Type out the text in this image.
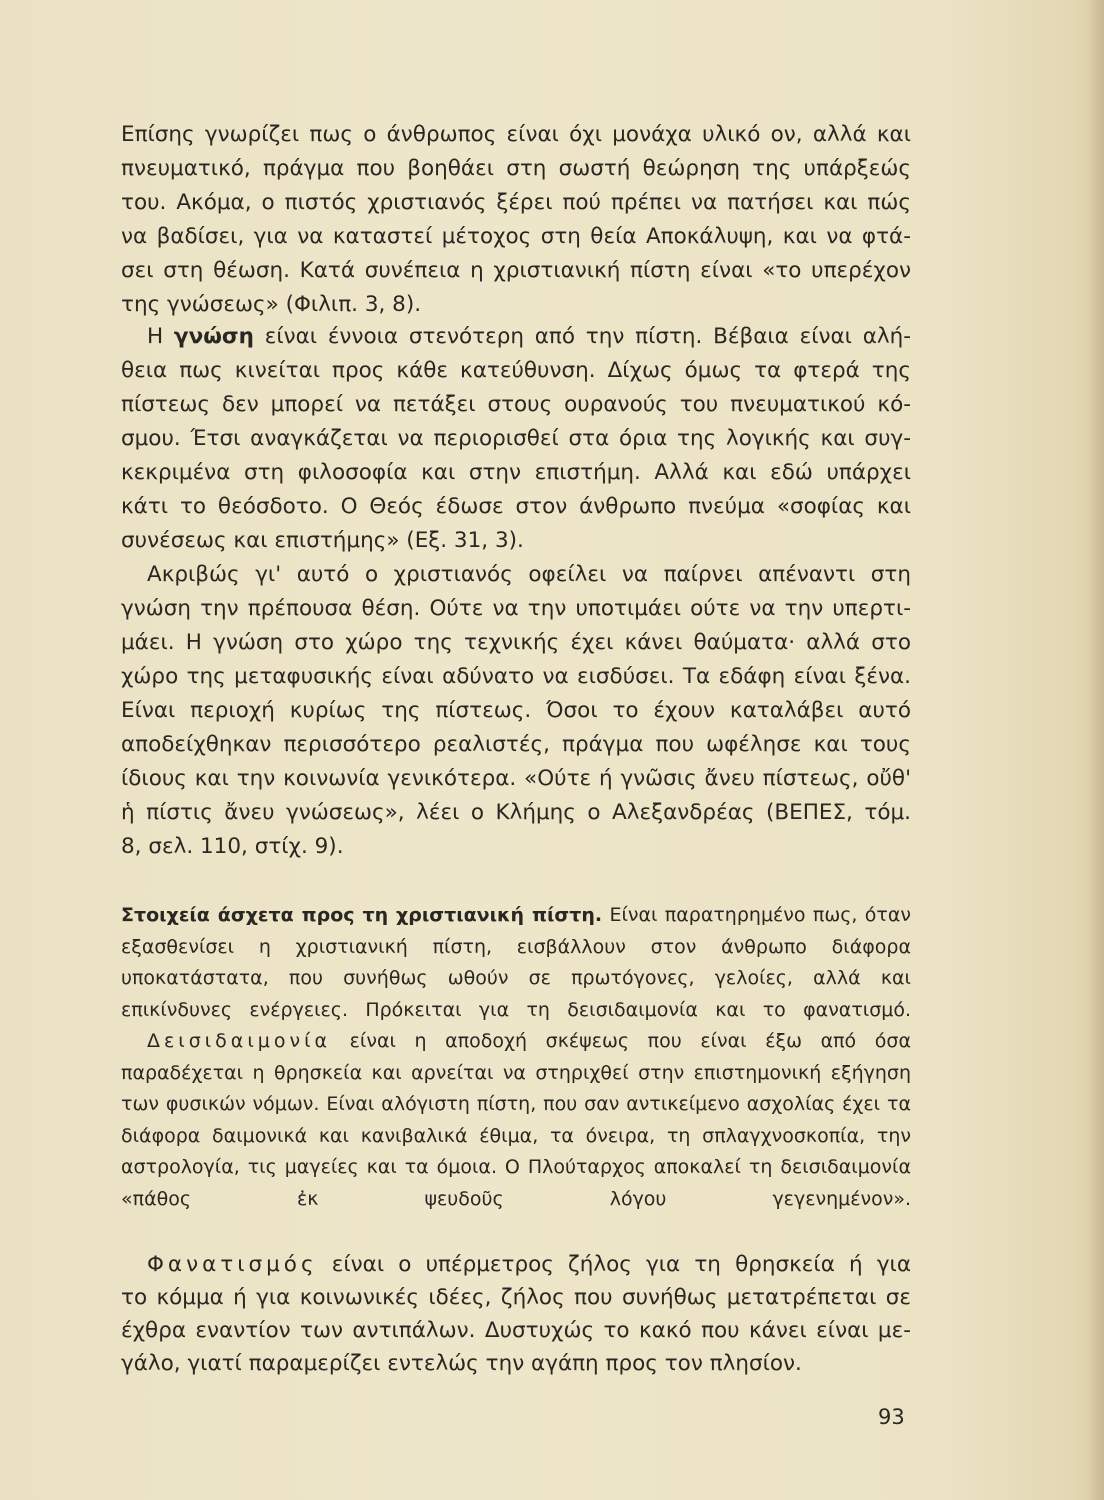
Επίσης γνωρίζει πως ο άνθρωπος είναι όχι μονάχα υλικό ον, αλλά και
πνευματικό, πράγμα που βοηθάει στη σωστή θεώρηση της υπάρξεώς
του. Ακόμα, ο πιστός χριστιανός ξέρει πού πρέπει να πατήσει και πώς
να βαδίσει, για να καταστεί μέτοχος στη θεία Αποκάλυψη, και να φτά-
σει στη θέωση. Κατά συνέπεια η χριστιανική πίστη είναι «το υπερέχον
της γνώσεως» (Φιλιπ. 3, 8).
Η γνώση είναι έννοια στενότερη από την πίστη. Βέβαια είναι αλή-
θεια πως κινείται προς κάθε κατεύθυνση. Δίχως όμως τα φτερά της
πίστεως δεν μπορεί να πετάξει στους ουρανούς του πνευματικού κό-
σμου. Έτσι αναγκάζεται να περιορισθεί στα όρια της λογικής και συγ-
κεκριμένα στη φιλοσοφία και στην επιστήμη. Αλλά και εδώ υπάρχει
κάτι το θεόσδοτο. Ο Θεός έδωσε στον άνθρωπο πνεύμα «σοφίας και
συνέσεως και επιστήμης» (Εξ. 31, 3).
Ακριβώς γι' αυτό ο χριστιανός οφείλει να παίρνει απέναντι στη
γνώση την πρέπουσα θέση. Ούτε να την υποτιμάει ούτε να την υπερτι-
μάει. Η γνώση στο χώρο της τεχνικής έχει κάνει θαύματα· αλλά στο
χώρο της μεταφυσικής είναι αδύνατο να εισδύσει. Τα εδάφη είναι ξένα.
Είναι περιοχή κυρίως της πίστεως. Όσοι το έχουν καταλάβει αυτό
αποδείχθηκαν περισσότερο ρεαλιστές, πράγμα που ωφέλησε και τους
ίδιους και την κοινωνία γενικότερα. «Ούτε ή γνῶσις ἄνευ πίστεως, οὔθ'
ἡ πίστις ἄνευ γνώσεως», λέει ο Κλήμης ο Αλεξανδρέας (ΒΕΠΕΣ, τόμ.
8, σελ. 110, στίχ. 9).
Στοιχεία άσχετα προς τη χριστιανική πίστη. Είναι παρατηρημένο πως, όταν εξασθενίσει η χριστιανική πίστη, εισβάλλουν στον άνθρωπο διάφορα υποκατάστατα, που συνήθως ωθούν σε πρωτόγονες, γελοίες, αλλά και επικίνδυνες ενέργειες. Πρόκειται για τη δεισιδαιμονία και το φανατισμό.
Δεισιδαιμονία είναι η αποδοχή σκέψεως που είναι έξω από όσα παραδέχεται η θρησκεία και αρνείται να στηριχθεί στην επιστημονική εξήγηση των φυσικών νόμων. Είναι αλόγιστη πίστη, που σαν αντικείμενο ασχολίας έχει τα διάφορα δαιμονικά και κανιβαλικά έθιμα, τα όνειρα, τη σπλαγχνοσκοπία, την αστρολογία, τις μαγείες και τα όμοια. Ο Πλούταρχος αποκαλεί τη δεισιδαιμονία «πάθος ἐκ ψευδοῦς λόγου γεγενημένον».
Φανατισμός είναι ο υπέρμετρος ζήλος για τη θρησκεία ή για
το κόμμα ή για κοινωνικές ιδέες, ζήλος που συνήθως μετατρέπεται σε
έχθρα εναντίον των αντιπάλων. Δυστυχώς το κακό που κάνει είναι με-
γάλο, γιατί παραμερίζει εντελώς την αγάπη προς τον πλησίον.
93
